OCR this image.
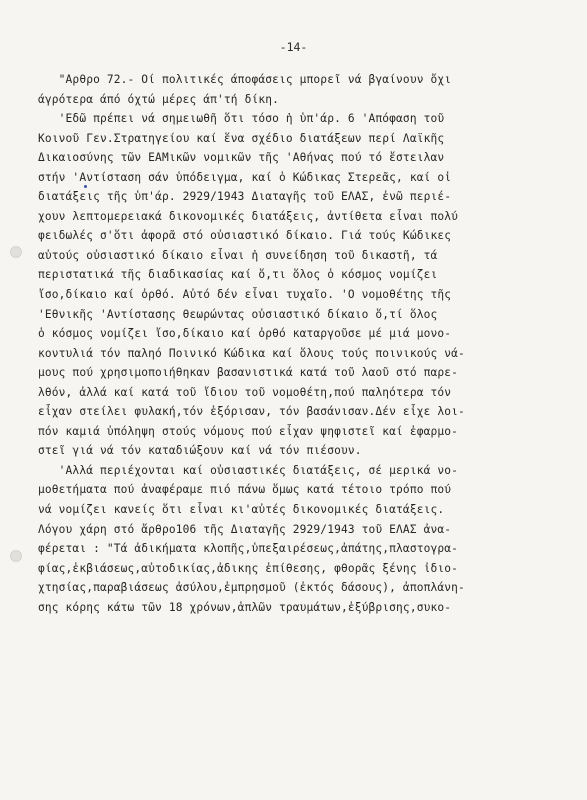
-14-
"Αρθρο 72.- Οί πολιτικές άποφάσεις μπορεῖ νά βγαίνουν ὄχι
άγρότερα άπό όχτώ μέρες άπ'τή δίκη.
'Εδῶ πρέπει νά σημειωθῆ ὅτι τόσο ἡ ὑπ'άρ. 6 'Απόφαση τοῦ
Κοινοῦ Γεν.Στρατηγείου καί ἕνα σχέδιο διατάξεων περί Λαϊκῆς
Δικαιοσύνης τῶν ΕΑΜικῶν νομικῶν τῆς 'Αθήνας πού τό ἔστειλαν
στήν 'Αντίσταση σάν ὑπόδειγμα, καί ὁ Κώδικας Στερεᾶς, καί οἱ
διατάξεις τῆς ὑπ'άρ. 2929/1943 Διαταγῆς τοῦ ΕΛΑΣ, ἐνῶ περιέ-
χουν λεπτομερειακά δικονομικές διατάξεις, ἀντίθετα εἶναι πολύ
φειδωλές σ'ὅτι ἀφορᾶ στό οὐσιαστικό δίκαιο. Γιά τούς Κώδικες
αὐτούς οὐσιαστικό δίκαιο εἶναι ἡ συνείδηση τοῦ δικαστῆ, τά
περιστατικά τῆς διαδικασίας καί ὅ,τι ὅλος ὁ κόσμος νομίζει
ἴσο,δίκαιο καί ὀρθό. Αὐτό δέν εἶναι τυχαῖο. 'Ο νομοθέτης τῆς
'Εθνικῆς 'Αντίστασης θεωρώντας οὐσιαστικό δίκαιο ὅ,τί ὅλος
ὁ κόσμος νομίζει ἴσο,δίκαιο καί ὀρθό καταργοῦσε μέ μιά μονο-
κοντυλιά τόν παληό Ποινικό Κώδικα καί ὅλους τούς ποινικούς νά-
μους πού χρησιμοποιήθηκαν βασανιστικά κατά τοῦ λαοῦ στό παρε-
λθόν, ἀλλά καί κατά τοῦ ἴδιου τοῦ νομοθέτη,πού παληότερα τόν
εἶχαν στείλει φυλακή,τόν ἐξόρισαν, τόν βασάνισαν.Δέν εἶχε λοι-
πόν καμιά ὑπόληψη στούς νόμους πού εἶχαν ψηφιστεῖ καί ἐφαρμο-
στεῖ γιά νά τόν καταδιώξουν καί νά τόν πιέσουν.
'Αλλά περιέχονται καί οὐσιαστικές διατάξεις, σέ μερικά νο-
μοθετήματα πού ἀναφέραμε πιό πάνω ὅμως κατά τέτοιο τρόπο πού
νά νομίζει κανείς ὅτι εἶναι κι'αὐτές δικονομικές διατάξεις.
Λόγου χάρη στό ἄρθρο106 τῆς Διαταγῆς 2929/1943 τοῦ ΕΛΑΣ ἀνα-
φέρεται : "Τά ἀδικήματα κλοπῆς,ὑπεξαιρέσεως,ἀπάτης,πλαστογρα-
φίας,ἐκβιάσεως,αὐτοδικίας,ἀδικης ἐπίθεσης, φθορᾶς ξένης ἰδιο-
χτησίας,παραβιάσεως ἀσύλου,ἐμπρησμοῦ (ἐκτός δάσους), ἀποπλάνη-
σης κόρης κάτω τῶν 18 χρόνων,ἁπλῶν τραυμάτων,ἐξύβρισης,συκο-
